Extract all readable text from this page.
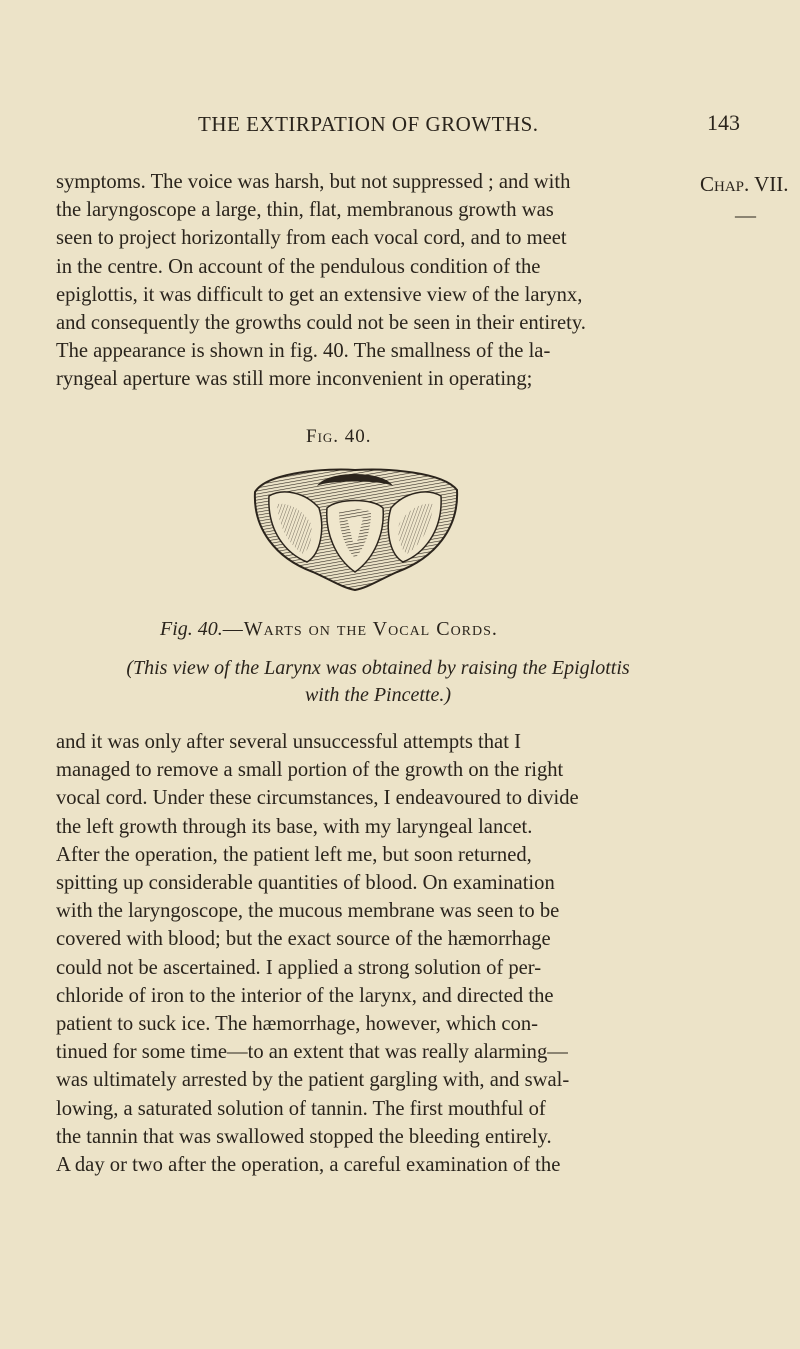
THE EXTIRPATION OF GROWTHS.	143
Chap. VII.
—

symptoms. The voice was harsh, but not suppressed ; and with

the laryngoscope a large, thin, flat, membranous growth was

seen to project horizontally from each vocal cord, and to meet

in the centre. On account of the pendulous condition of the

epiglottis, it was difficult to get an extensive view of the larynx,

and consequently the growths could not be seen in their entirety.

The appearance is shown in fig. 40. The smallness of the la-

ryngeal aperture was still more inconvenient in operating;

Fig. 40.
Fig. 40.—Warts on the Vocal Cords.
(This view of the Larynx was obtained by raising the Epiglottis
with the Pincette.)

and it was only after several unsuccessful attempts that I

managed to remove a small portion of the growth on the right

vocal cord. Under these circumstances, I endeavoured to divide

the left growth through its base, with my laryngeal lancet.

After the operation, the patient left me, but soon returned,

spitting up considerable quantities of blood. On examination

with the laryngoscope, the mucous membrane was seen to be

covered with blood; but the exact source of the hæmorrhage

could not be ascertained. I applied a strong solution of per-

chloride of iron to the interior of the larynx, and directed the

patient to suck ice. The hæmorrhage, however, which con-

tinued for some time—to an extent that was really alarming—

was ultimately arrested by the patient gargling with, and swal-

lowing, a saturated solution of tannin. The first mouthful of

the tannin that was swallowed stopped the bleeding entirely.

A day or two after the operation, a careful examination of the
